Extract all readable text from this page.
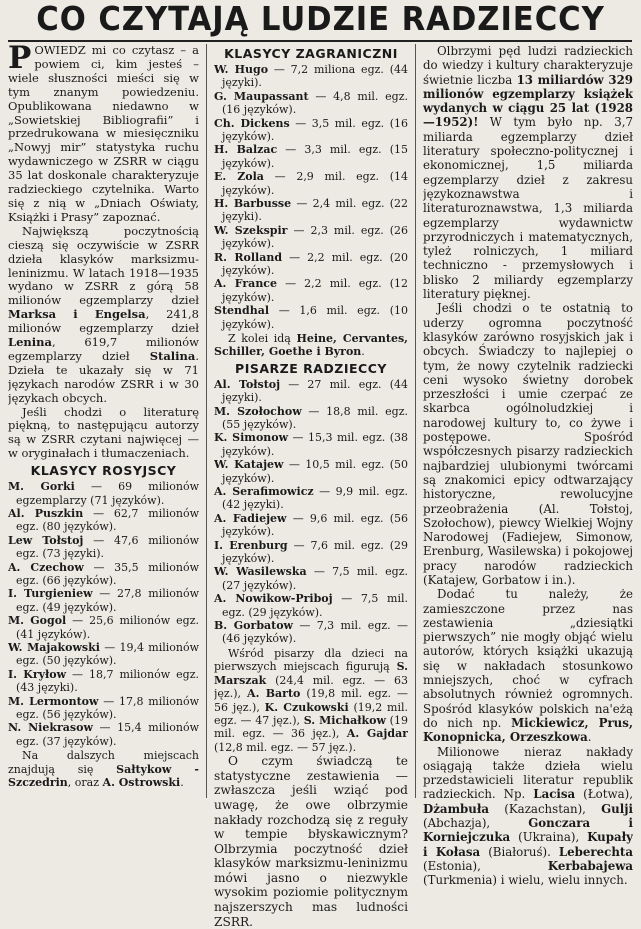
CO CZYTAJĄ LUDZIE RADZIECCY

POWIEDZ mi co czytasz – a powiem ci, kim jesteś – wiele słuszności mieści się w tym znanym powiedzeniu. Opublikowana niedawno w „Sowietskiej Bibliografii” i przedrukowana w miesięczniku „Nowyj mir” statystyka ruchu wydawniczego w ZSRR w ciągu 35 lat doskonale charakteryzuje radzieckiego czytelnika. Warto się z nią w „Dniach Oświaty, Książki i Prasy” zapoznać.

Największą poczytnością cieszą się oczywiście w ZSRR dzieła klasyków marksizmu-leninizmu. W latach 1918—1935 wydano w ZSRR z górą 58 milionów egzemplarzy dzieł Marksa i Engelsa, 241,8 milionów egzemplarzy dzieł Lenina, 619,7 milionów egzemplarzy dzieł Stalina. Dzieła te ukazały się w 71 językach narodów ZSRR i w 30 językach obcych.

Jeśli chodzi o literaturę piękną, to następującu autorzy są w ZSRR czytani najwięcej — w oryginałach i tłumaczeniach.

KLASYCY ROSYJSCY

M. Gorki — 69 milionów egzemplarzy (71 języków).

Al. Puszkin — 62,7 milionów egz. (80 języków).

Lew Tołstoj — 47,6 milionów egz. (73 języki).

A. Czechow — 35,5 milionów egz. (66 języków).

I. Turgieniew — 27,8 milionów egz. (49 języków).

M. Gogol — 25,6 milionów egz. (41 języków).

W. Majakowski — 19,4 milionów egz. (50 języków).

I. Kryłow — 18,7 milionów egz. (43 języki).

M. Lermontow — 17,8 milionów egz. (56 języków).

N. Niekrasow — 15,4 milionów egz. (37 języków).

Na dalszych miejscach znajdują się Sałtykow - Szczedrin, oraz A. Ostrowski.

KLASYCY ZAGRANICZNI

W. Hugo — 7,2 miliona egz. (44 języki).

G. Maupassant — 4,8 mil. egz. (16 języków).

Ch. Dickens — 3,5 mil. egz. (16 języków).

H. Balzac — 3,3 mil. egz. (15 języków).

E. Zola — 2,9 mil. egz. (14 języków).

H. Barbusse — 2,4 mil. egz. (22 języki).

W. Szekspir — 2,3 mil. egz. (26 języków).

R. Rolland — 2,2 mil. egz. (20 języków).

A. France — 2,2 mil. egz. (12 języków).

Stendhal — 1,6 mil. egz. (10 języków).

Z kolei idą Heine, Cervantes, Schiller, Goethe i Byron.

PISARZE RADZIECCY

Al. Tołstoj — 27 mil. egz. (44 języki).

M. Szołochow — 18,8 mil. egz. (55 języków).

K. Simonow — 15,3 mil. egz. (38 języków).

W. Katajew — 10,5 mil. egz. (50 języków).

A. Serafimowicz — 9,9 mil. egz. (42 języki).

A. Fadiejew — 9,6 mil. egz. (56 języków).

I. Erenburg — 7,6 mil. egz. (29 języków).

W. Wasilewska — 7,5 mil. egz. (27 języków).

A. Nowikow-Priboj — 7,5 mil. egz. (29 języków).

B. Gorbatow — 7,3 mil. egz. — (46 języków).

Wśród pisarzy dla dzieci na pierwszych miejscach figurują S. Marszak (24,4 mil. egz. — 63 jęz.), A. Barto (19,8 mil. egz. — 56 jęz.), K. Czukowski (19,2 mil. egz. — 47 jęz.), S. Michałkow (19 mil. egz. — 36 jęz.), A. Gajdar (12,8 mil. egz. — 57 jęz.).

O czym świadczą te statystyczne zestawienia — zwłaszcza jeśli wziąć pod uwagę, że owe olbrzymie nakłady rozchodzą się z reguły w tempie błyskawicznym? Olbrzymia poczytność dzieł klasyków marksizmu-leninizmu mówi jasno o niezwykle wysokim poziomie politycznym najszerszych mas ludności ZSRR.

Olbrzymi pęd ludzi radzieckich do wiedzy i kultury charakteryzuje świetnie liczba 13 miliardów 329 milionów egzemplarzy książek wydanych w ciągu 25 lat (1928—1952)! W tym było np. 3,7 miliarda egzemplarzy dzieł literatury społeczno-politycznej i ekonomicznej, 1,5 miliarda egzemplarzy dzieł z zakresu językoznawstwa i literaturoznawstwa, 1,3 miliarda egzemplarzy wydawnictw przyrodniczych i matematycznych, tyleż rolniczych, 1 miliard techniczno - przemysłowych i blisko 2 miliardy egzemplarzy literatury pięknej.

Jeśli chodzi o te ostatnią to uderzy ogromna poczytność klasyków zarówno rosyjskich jak i obcych. Świadczy to najlepiej o tym, że nowy czytelnik radziecki ceni wysoko świetny dorobek przeszłości i umie czerpać ze skarbca ogólnoludzkiej i narodowej kultury to, co żywe i postępowe. Spośród współczesnych pisarzy radzieckich najbardziej ulubionymi twórcami są znakomici epicy odtwarzający historyczne, rewolucyjne przeobrażenia (Al. Tołstoj, Szołochow), piewcy Wielkiej Wojny Narodowej (Fadiejew, Simonow, Erenburg, Wasilewska) i pokojowej pracy narodów radzieckich (Katajew, Gorbatow i in.).

Dodać tu należy, że zamieszczone przez nas zestawienia „dziesiątki pierwszych” nie mogły objąć wielu autorów, których książki ukazują się w nakładach stosunkowo mniejszych, choć w cyfrach absolutnych również ogromnych. Spośród klasyków polskich na'eżą do nich np. Mickiewicz, Prus, Konopnicka, Orzeszkowa.

Milionowe nieraz nakłady osiągają także dzieła wielu przedstawicieli literatur republik radzieckich. Np. Lacisa (Łotwa), Dżambuła (Kazachstan), Gulji (Abchazja),	Gonczara i Korniejczuka (Ukraina), Kupały i Kołasa (Białoruś). Leberechta (Estonia),	Kerbabajewa (Turkmenia) i wielu, wielu innych.
